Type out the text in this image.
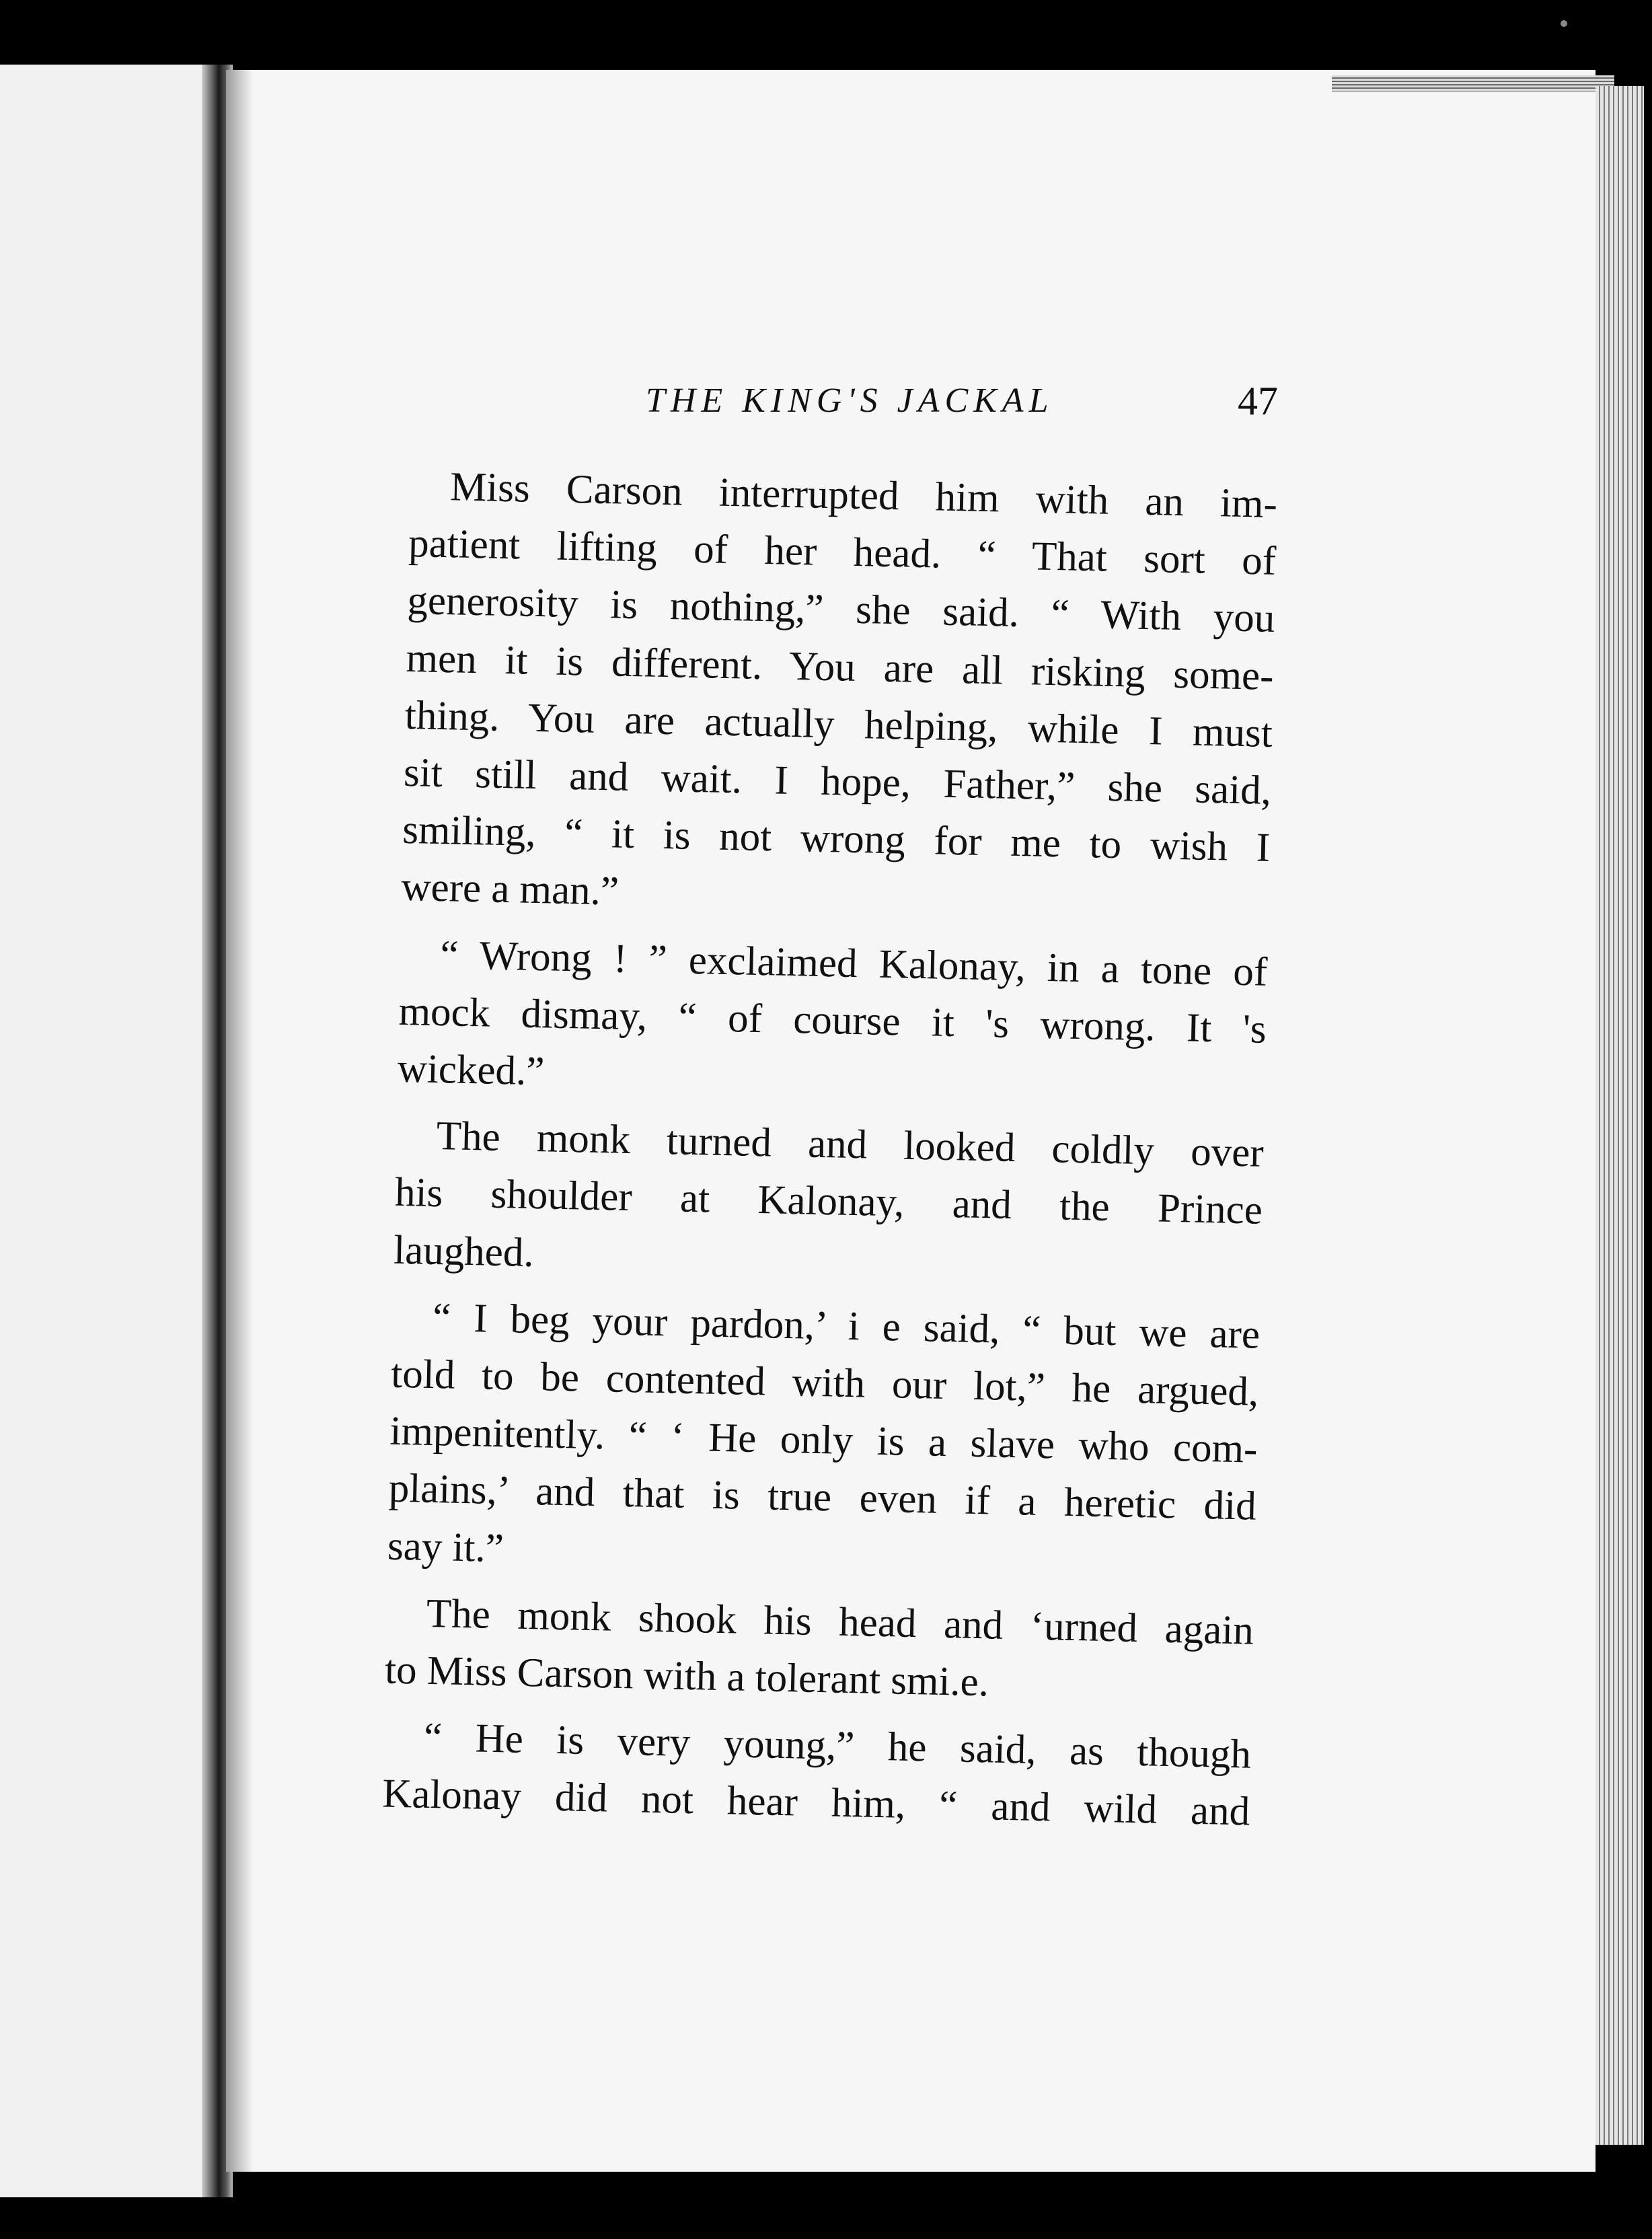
THE KING'S JACKAL	47
Miss Carson interrupted him with an im-
patient lifting of her head. “ That sort of
generosity is nothing,” she said. “ With you
men it is different. You are all risking some-
thing. You are actually helping, while I must
sit still and wait. I hope, Father,” she said,
smiling, “ it is not wrong for me to wish I
were a man.”
“ Wrong ! ” exclaimed Kalonay, in a tone of
mock dismay, “ of course it 's wrong. It 's
wicked.”
The monk turned and looked coldly over
his shoulder at Kalonay, and the Prince
laughed.
“ I beg your pardon,’ i e said, “ but we are
told to be contented with our lot,” he argued,
impenitently. “ ‘ He only is a slave who com-
plains,’ and that is true even if a heretic did
say it.”
The monk shook his head and ‘urned again
to Miss Carson with a tolerant smi.e.
“ He is very young,” he said, as though
Kalonay did not hear him, “ and wild and
